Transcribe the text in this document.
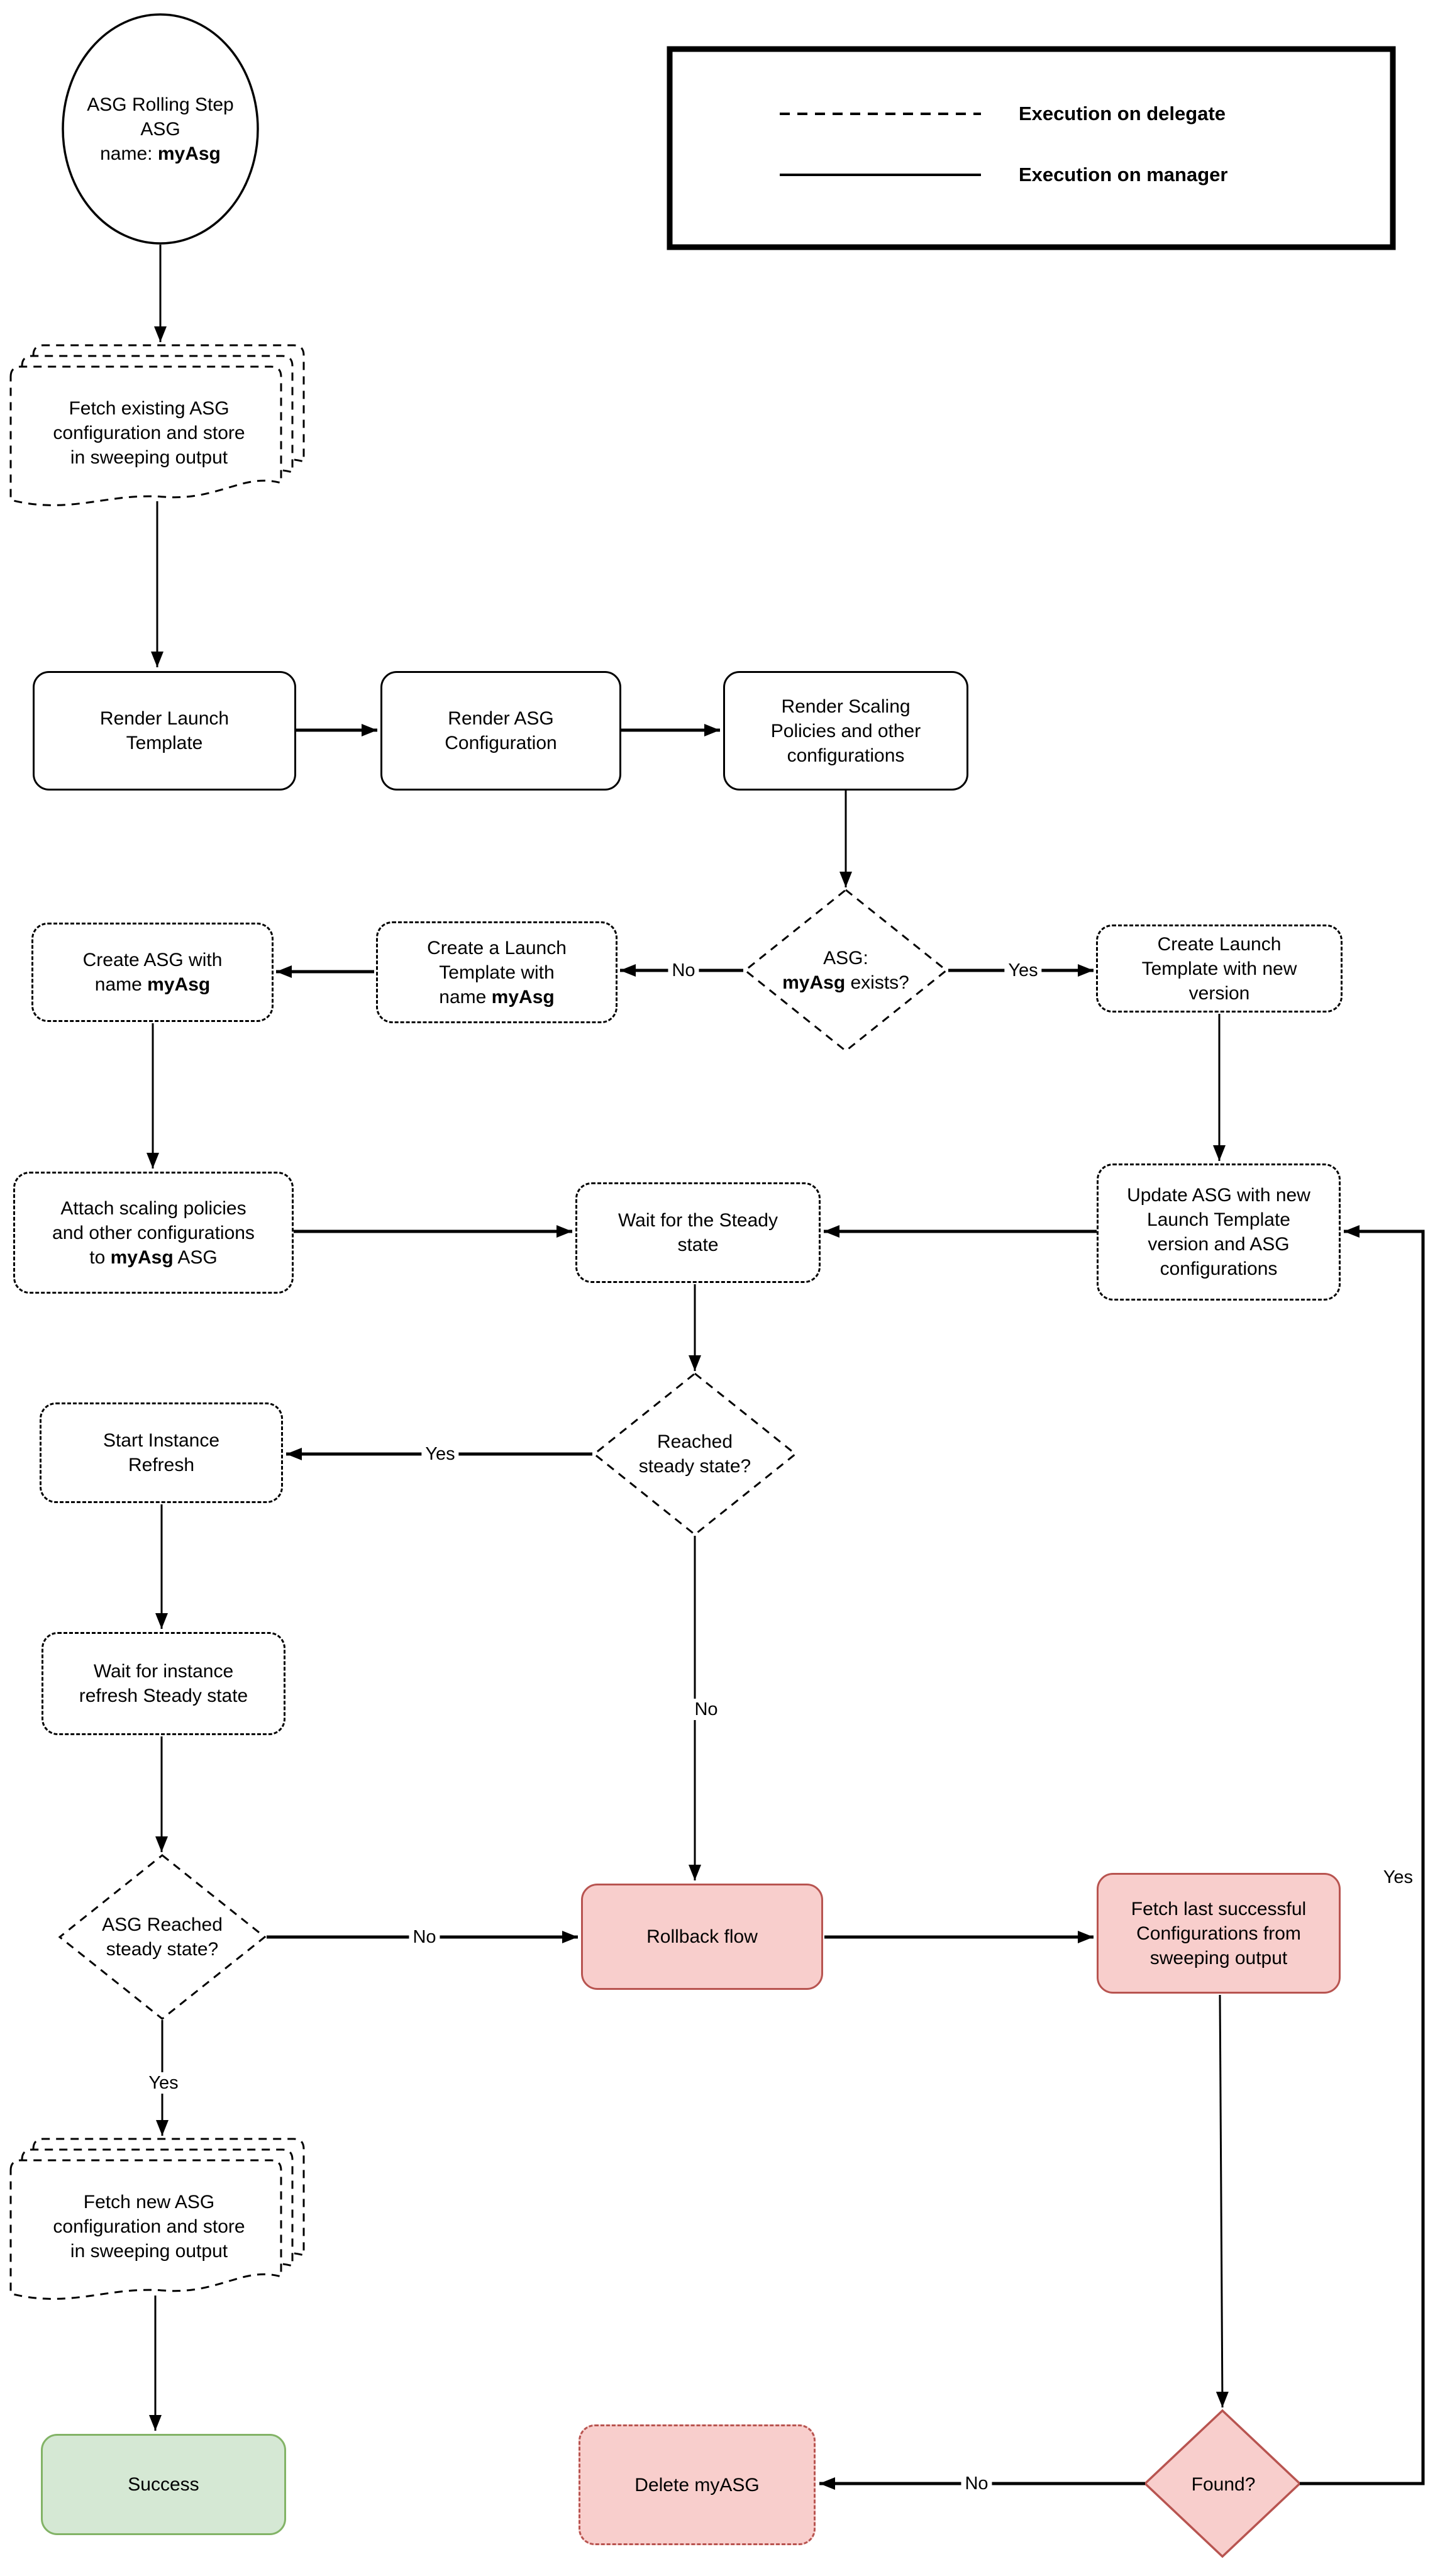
Execution on delegate
Execution on manager
ASG Rolling Step
ASG
name: myAsg
Fetch existing ASG
configuration and store
in sweeping output
Render Launch
Template
Render ASG
Configuration
Render Scaling
Policies and other
configurations
ASG:
myAsg exists?
Create Launch
Template with new
version
Create a Launch
Template with
name myAsg
Create ASG with
name myAsg
Attach scaling policies
and other configurations
to myAsg ASG
Wait for the Steady
state
Update ASG with new
Launch Template
version and ASG
configurations
Reached
steady state?
Start Instance
Refresh
Wait for instance
refresh Steady state
ASG Reached
steady state?
Rollback flow
Fetch last successful
Configurations from
sweeping output
Fetch new ASG
configuration and store
in sweeping output
Success	Delete myASG	Found?
Yes
No
Yes
No
No
Yes
No
Yes
